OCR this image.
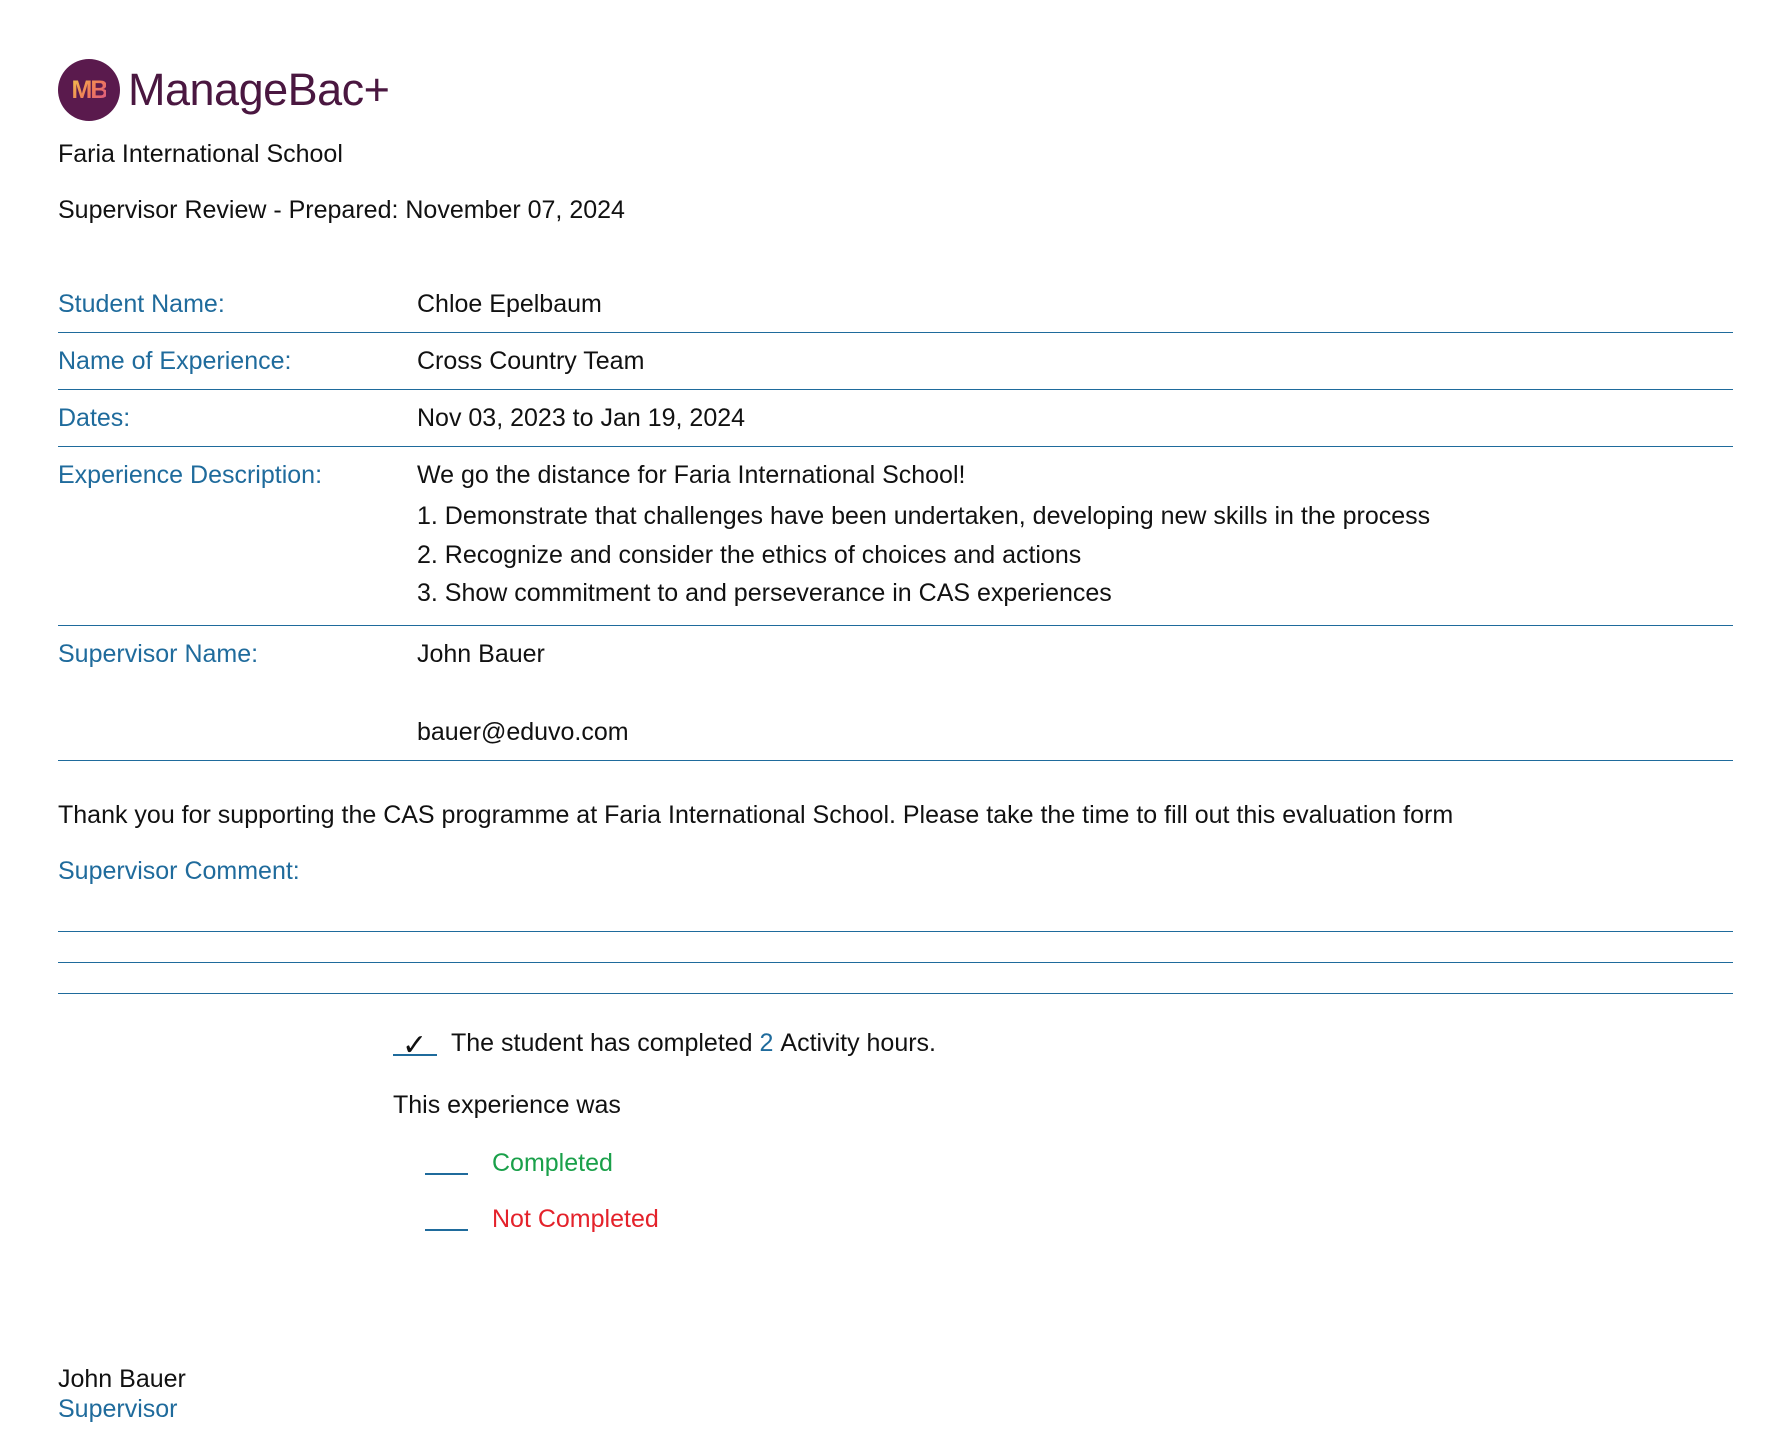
MB ManageBac+
Faria International School
Supervisor Review - Prepared: November 07, 2024
Student Name:	Chloe Epelbaum
Name of Experience:	Cross Country Team
Dates:	Nov 03, 2023 to Jan 19, 2024
Experience Description:	We go the distance for Faria International School!
1. Demonstrate that challenges have been undertaken, developing new skills in the process
2. Recognize and consider the ethics of choices and actions
3. Show commitment to and perseverance in CAS experiences
Supervisor Name:	John Bauer
bauer@eduvo.com
Thank you for supporting the CAS programme at Faria International School. Please take the time to fill out this evaluation form
Supervisor Comment:
✓ The student has completed
2
Activity hours.
This experience was
Completed
Not Completed
John Bauer
Supervisor
